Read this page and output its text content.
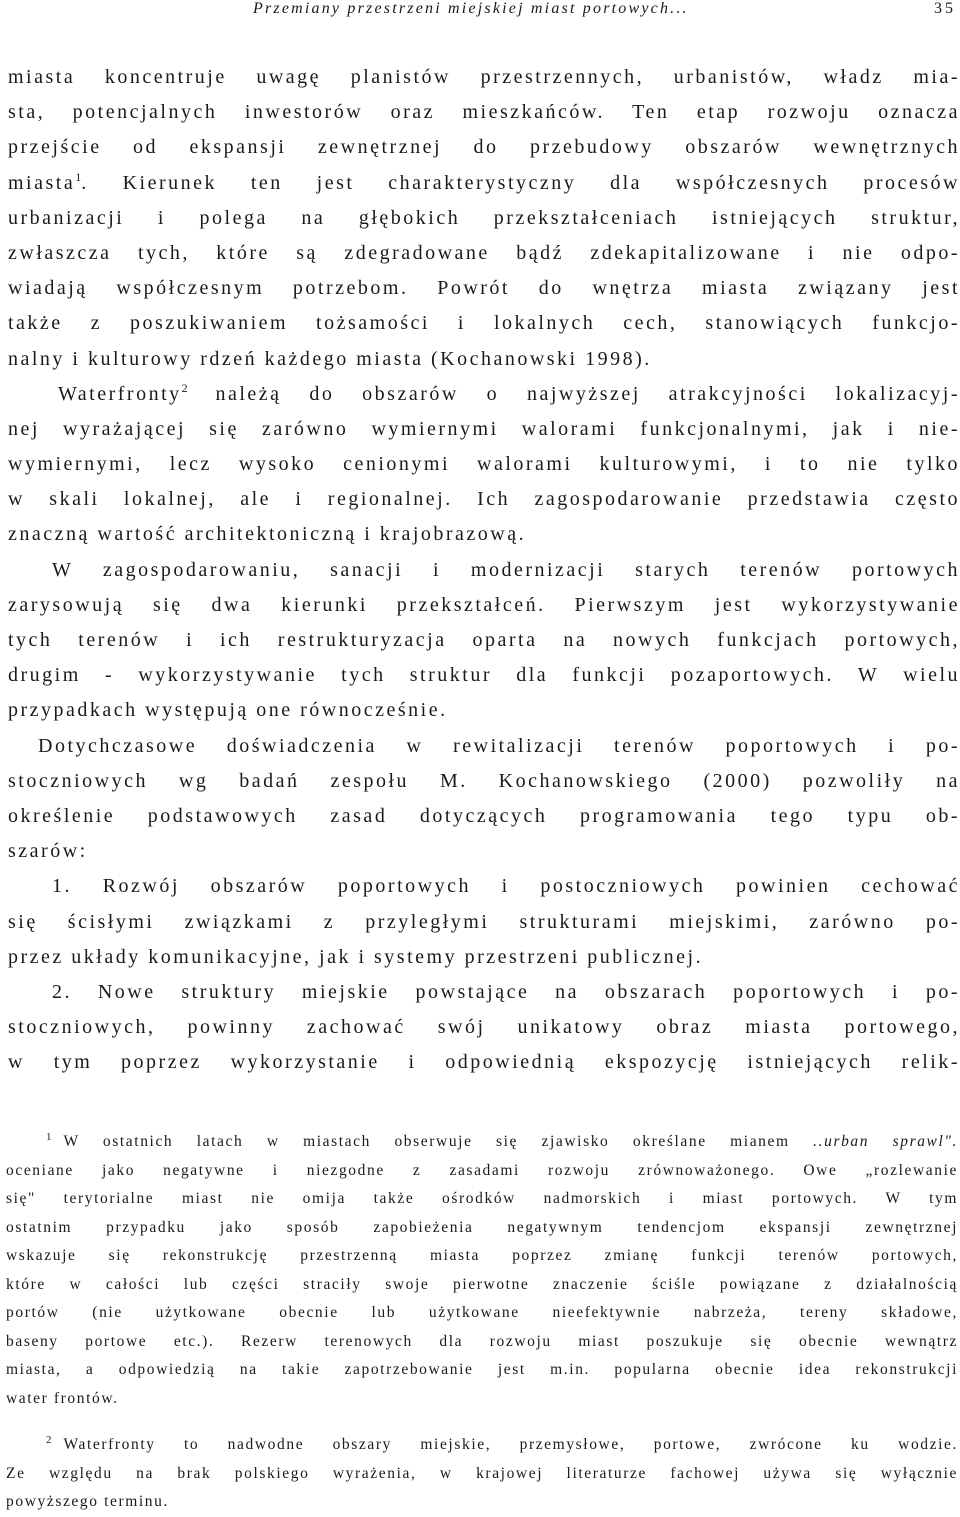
Przemiany przestrzeni miejskiej miast portowych...	35
miasta koncentruje uwagę planistów przestrzennych, urbanistów, władz mia-
sta, potencjalnych inwestorów oraz mieszkańców. Ten etap rozwoju oznacza
przejście od ekspansji zewnętrznej do przebudowy obszarów wewnętrznych
miasta$^1$. Kierunek ten jest charakterystyczny dla współczesnych procesów
urbanizacji i polega na głębokich przekształceniach istniejących struktur,
zwłaszcza tych, które są zdegradowane bądź zdekapitalizowane i nie odpo-
wiadają współczesnym potrzebom. Powrót do wnętrza miasta związany jest
także z poszukiwaniem tożsamości i lokalnych cech, stanowiących funkcjo-
nalny i kulturowy rdzeń każdego miasta (Kochanowski 1998).
Waterfronty$^2$ należą do obszarów o najwyższej atrakcyjności lokalizacyj-
nej wyrażającej się zarówno wymiernymi walorami funkcjonalnymi, jak i nie-
wymiernymi, lecz wysoko cenionymi walorami kulturowymi, i to nie tylko
w skali lokalnej, ale i regionalnej. Ich zagospodarowanie przedstawia często
znaczną wartość architektoniczną i krajobrazową.
W zagospodarowaniu, sanacji i modernizacji starych terenów portowych
zarysowują się dwa kierunki przekształceń. Pierwszym jest wykorzystywanie
tych terenów i ich restrukturyzacja oparta na nowych funkcjach portowych,
drugim - wykorzystywanie tych struktur dla funkcji pozaportowych. W wielu
przypadkach występują one równocześnie.
Dotychczasowe doświadczenia w rewitalizacji terenów poportowych i po-
stoczniowych wg badań zespołu M. Kochanowskiego (2000) pozwoliły na
określenie podstawowych zasad dotyczących programowania tego typu ob-
szarów:
1. Rozwój obszarów poportowych i postoczniowych powinien cechować
się ścisłymi związkami z przyległymi strukturami miejskimi, zarówno po-
przez układy komunikacyjne, jak i systemy przestrzeni publicznej.
2. Nowe struktury miejskie powstające na obszarach poportowych i po-
stoczniowych, powinny zachować swój unikatowy obraz miasta portowego,
w tym poprzez wykorzystanie i odpowiednią ekspozycję istniejących relik-
$^1$ W ostatnich latach w miastach obserwuje się zjawisko określane mianem ..urban sprawl".
oceniane jako negatywne i niezgodne z zasadami rozwoju zrównoważonego. Owe „rozlewanie
się" terytorialne miast nie omija także ośrodków nadmorskich i miast portowych. W tym
ostatnim przypadku jako sposób zapobieżenia negatywnym tendencjom ekspansji zewnętrznej
wskazuje się rekonstrukcję przestrzenną miasta poprzez zmianę funkcji terenów portowych,
które w całości lub części straciły swoje pierwotne znaczenie ściśle powiązane z działalnością
portów (nie użytkowane obecnie lub użytkowane nieefektywnie nabrzeża, tereny składowe,
baseny portowe etc.). Rezerw terenowych dla rozwoju miast poszukuje się obecnie wewnątrz
miasta, a odpowiedzią na takie zapotrzebowanie jest m.in. popularna obecnie idea rekonstrukcji
water frontów.
$^2$ Waterfronty to nadwodne obszary miejskie, przemysłowe, portowe, zwrócone ku wodzie.
Ze względu na brak polskiego wyrażenia, w krajowej literaturze fachowej używa się wyłącznie
powyższego terminu.
